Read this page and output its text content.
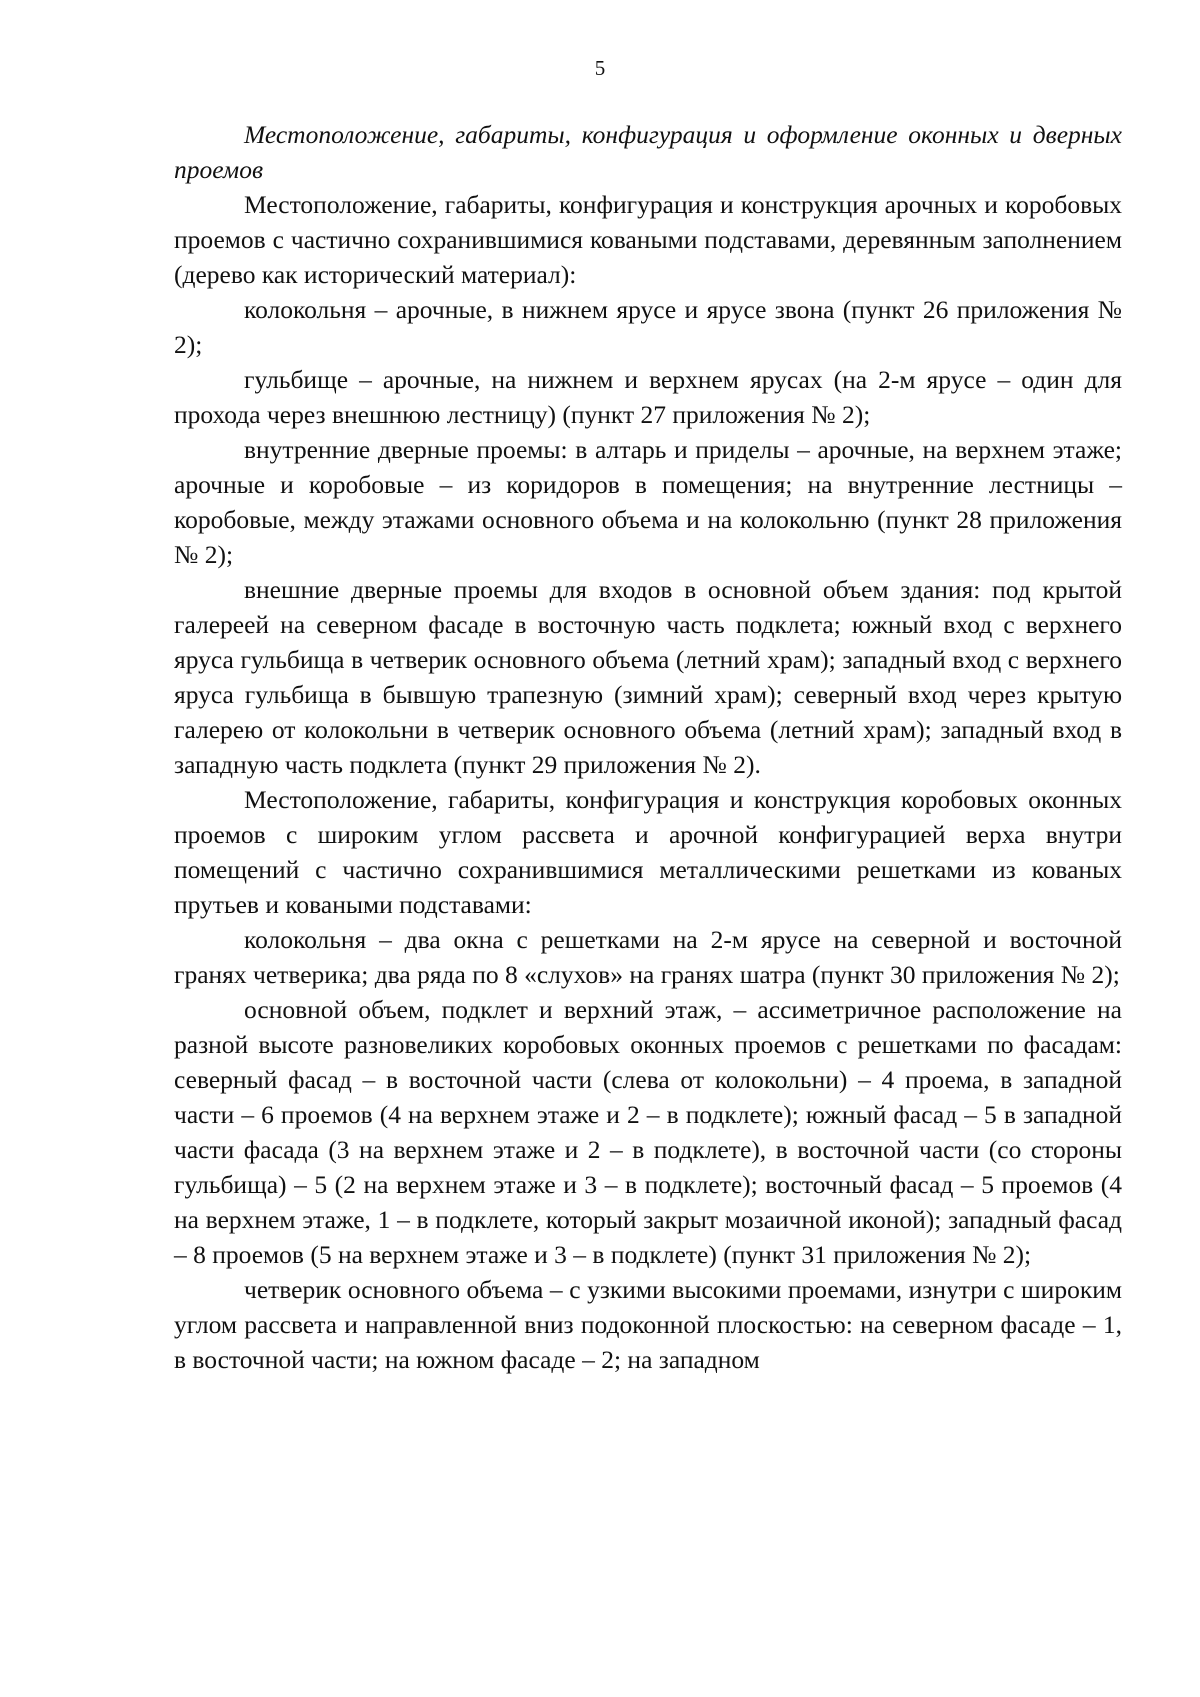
5

Местоположение, габариты, конфигурация и оформление оконных и дверных проемов

Местоположение, габариты, конфигурация и конструкция арочных и коробовых проемов с частично сохранившимися коваными подставами, деревянным заполнением (дерево как исторический материал):

колокольня – арочные, в нижнем ярусе и ярусе звона (пункт 26 приложения № 2);

гульбище – арочные, на нижнем и верхнем ярусах (на 2-м ярусе – один для прохода через внешнюю лестницу) (пункт 27 приложения № 2);

внутренние дверные проемы: в алтарь и приделы – арочные, на верхнем этаже; арочные и коробовые – из коридоров в помещения; на внутренние лестницы – коробовые, между этажами основного объема и на колокольню (пункт 28 приложения № 2);

внешние дверные проемы для входов в основной объем здания: под крытой галереей на северном фасаде в восточную часть подклета; южный вход с верхнего яруса гульбища в четверик основного объема (летний храм); западный вход с верхнего яруса гульбища в бывшую трапезную (зимний храм); северный вход через крытую галерею от колокольни в четверик основного объема (летний храм); западный вход в западную часть подклета (пункт 29 приложения № 2).

Местоположение, габариты, конфигурация и конструкция коробовых оконных проемов с широким углом рассвета и арочной конфигурацией верха внутри помещений с частично сохранившимися металлическими решетками из кованых прутьев и коваными подставами:

колокольня – два окна с решетками на 2-м ярусе на северной и восточной гранях четверика; два ряда по 8 «слухов» на гранях шатра (пункт 30 приложения № 2);

основной объем, подклет и верхний этаж, – ассиметричное расположение на разной высоте разновеликих коробовых оконных проемов с решетками по фасадам: северный фасад – в восточной части (слева от колокольни) – 4 проема, в западной части – 6 проемов (4 на верхнем этаже и 2 – в подклете); южный фасад – 5 в западной части фасада (3 на верхнем этаже и 2 – в подклете), в восточной части (со стороны гульбища) – 5 (2 на верхнем этаже и 3 – в подклете); восточный фасад – 5 проемов (4 на верхнем этаже, 1 – в подклете, который закрыт мозаичной иконой); западный фасад – 8 проемов (5 на верхнем этаже и 3 – в подклете) (пункт 31 приложения № 2);

четверик основного объема – с узкими высокими проемами, изнутри с широким углом рассвета и направленной вниз подоконной плоскостью: на северном фасаде – 1, в восточной части; на южном фасаде – 2; на западном
